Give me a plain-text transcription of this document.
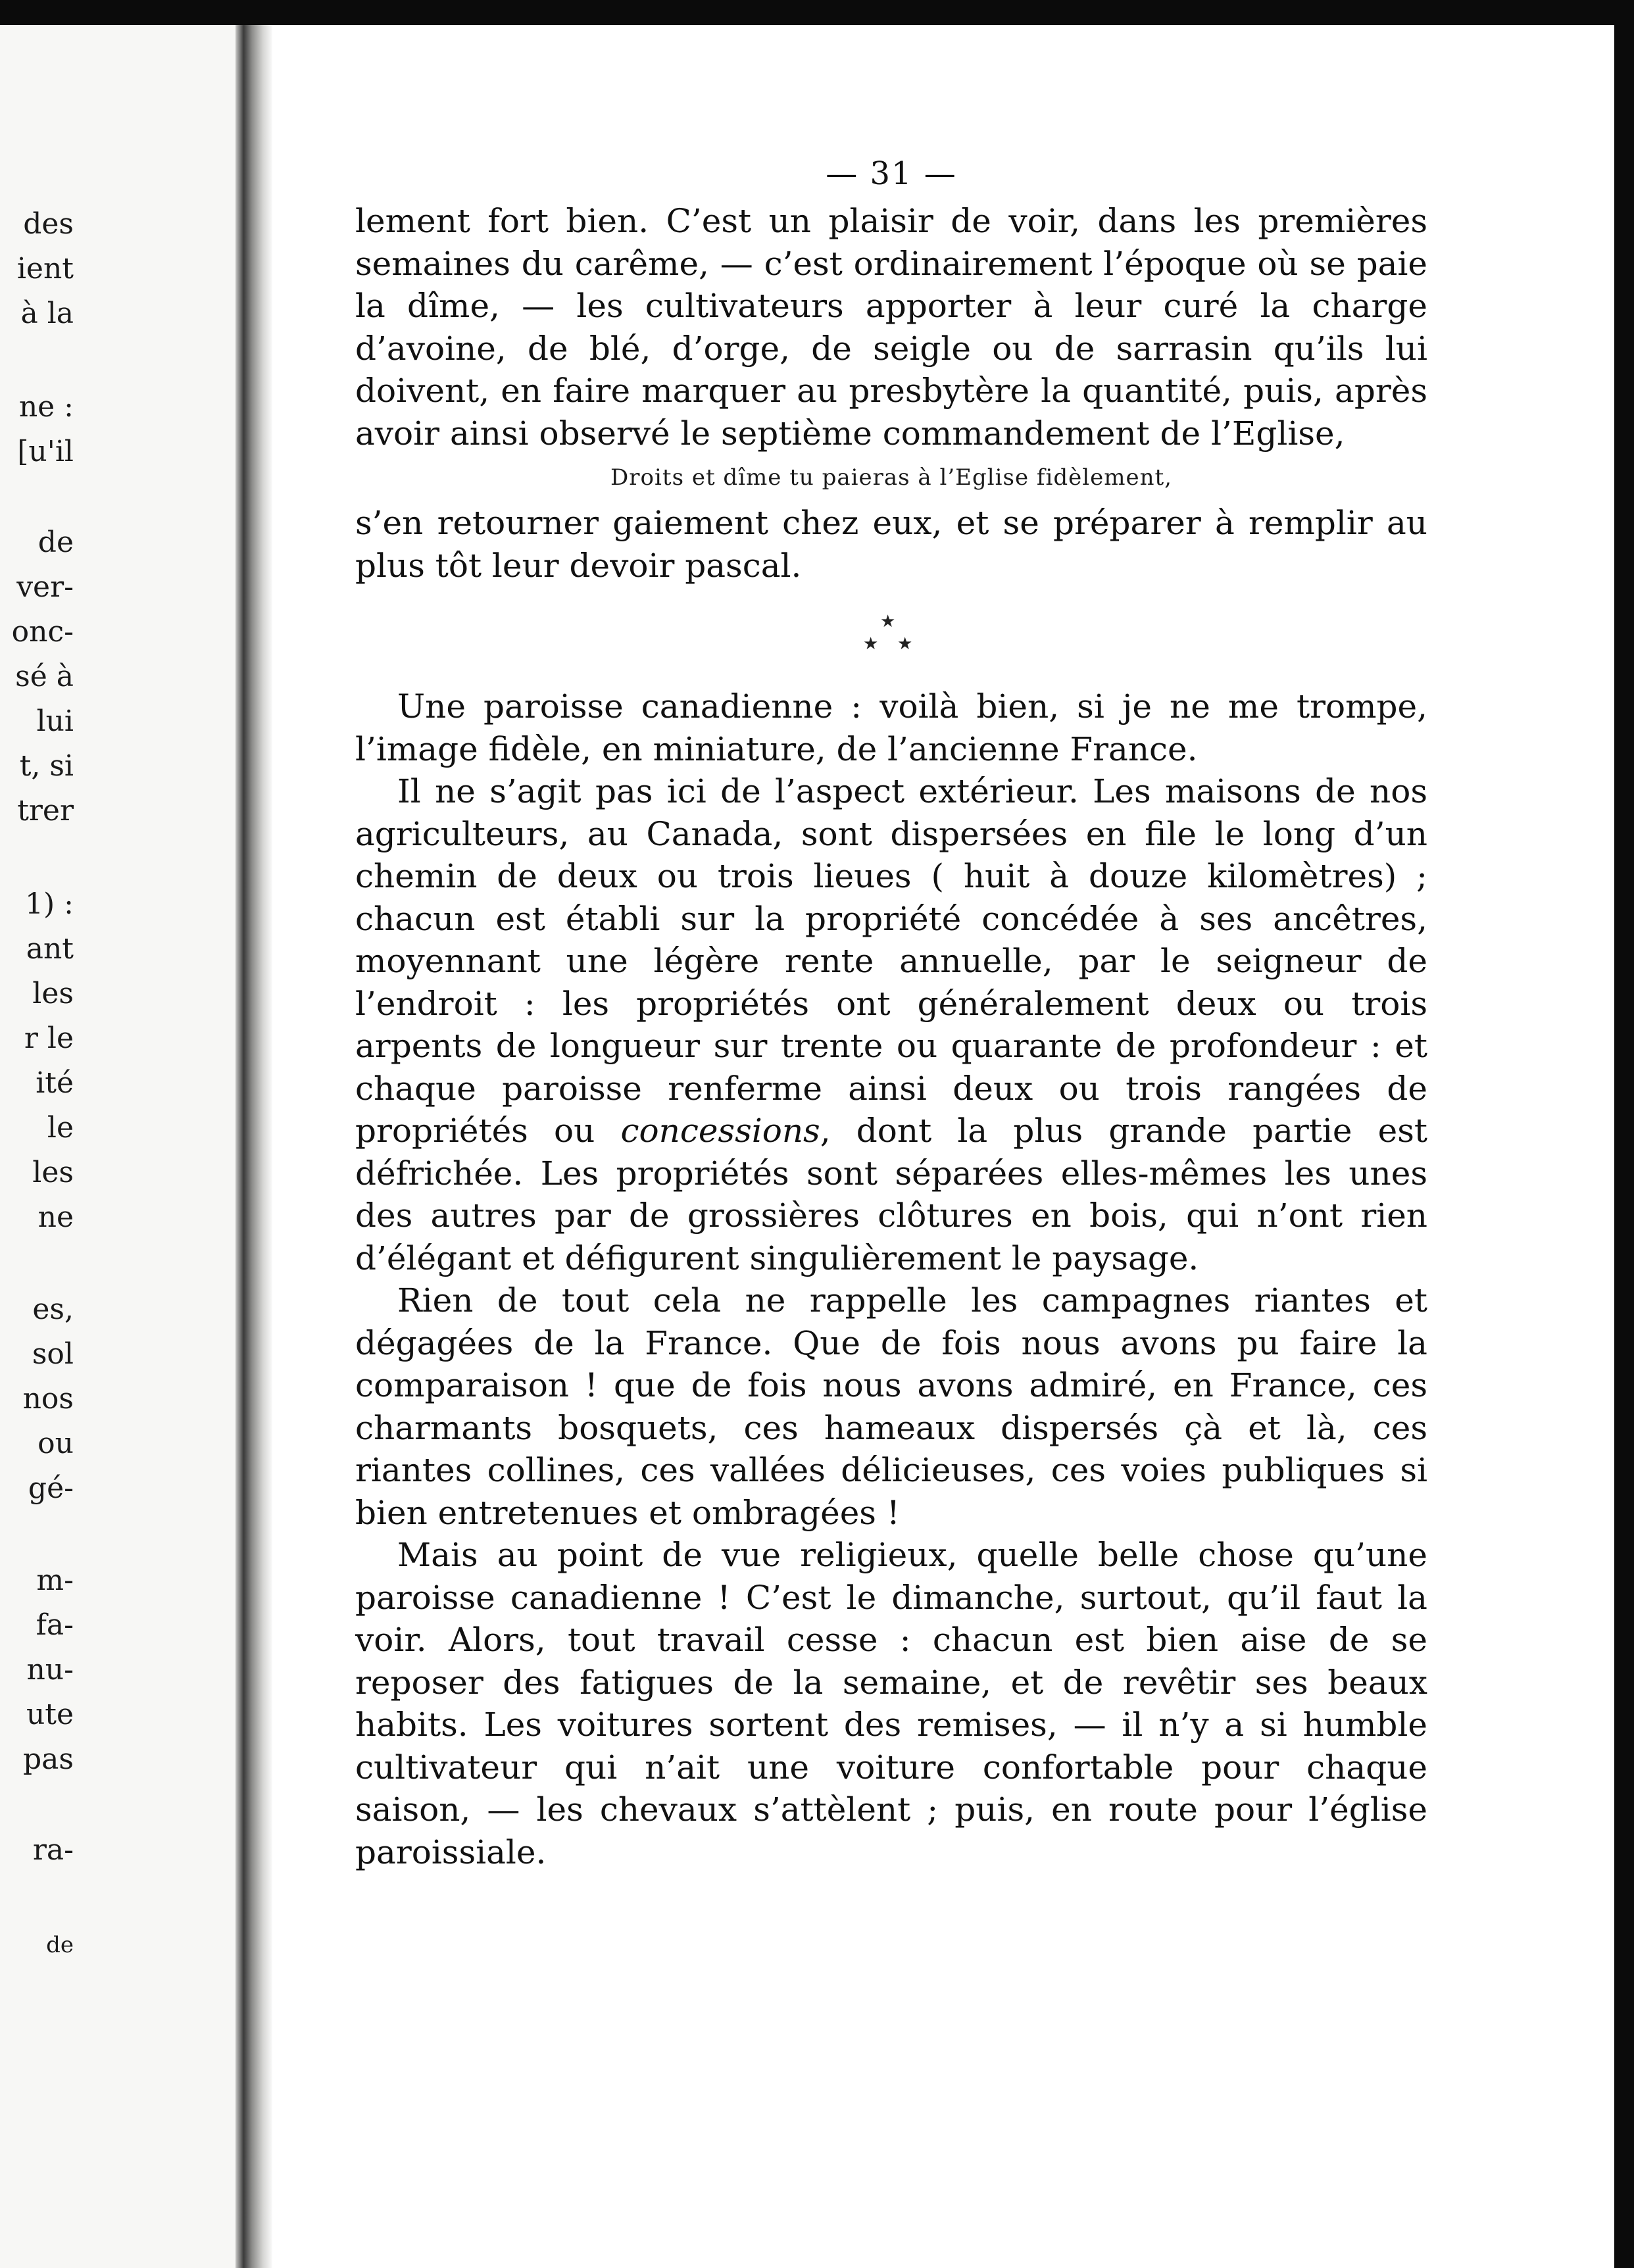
des
ient
à la
ne :
[u'il
de
ver-
onc-
sé à
lui
t, si
trer
1) :
ant
les
r le
ité
le
les
ne
es,
sol
nos
ou
gé-
m-
fa-
nu-
ute
pas
ra-
de
— 31 —

lement fort bien. C’est un plaisir de voir, dans les premières semaines du carême, — c’est ordinairement l’époque où se paie la dîme, — les cultivateurs apporter à leur curé la charge d’avoine, de blé, d’orge, de seigle ou de sarrasin qu’ils lui doivent, en faire marquer au presbytère la quantité, puis, après avoir ainsi observé le septième commandement de l’Eglise,

Droits et dîme tu paieras à l’Eglise fidèlement,

s’en retourner gaiement chez eux, et se préparer à remplir au plus tôt leur devoir pascal.

★
★ ★

Une paroisse canadienne : voilà bien, si je ne me trompe, l’image fidèle, en miniature, de l’ancienne France.

Il ne s’agit pas ici de l’aspect extérieur. Les maisons de nos agriculteurs, au Canada, sont dispersées en file le long d’un chemin de deux ou trois lieues ( huit à douze kilomètres) ; chacun est établi sur la propriété concédée à ses ancêtres, moyennant une légère rente annuelle, par le seigneur de l’endroit : les propriétés ont généralement deux ou trois arpents de longueur sur trente ou quarante de profondeur : et chaque paroisse renferme ainsi deux ou trois rangées de propriétés ou concessions, dont la plus grande partie est défrichée. Les propriétés sont séparées elles-mêmes les unes des autres par de grossières clôtures en bois, qui n’ont rien d’élégant et défigurent singulièrement le paysage.

Rien de tout cela ne rappelle les campagnes riantes et dégagées de la France. Que de fois nous avons pu faire la comparaison ! que de fois nous avons admiré, en France, ces charmants bosquets, ces hameaux dispersés çà et là, ces riantes collines, ces vallées délicieuses, ces voies publiques si bien entretenues et ombragées !

Mais au point de vue religieux, quelle belle chose qu’une paroisse canadienne ! C’est le dimanche, surtout, qu’il faut la voir. Alors, tout travail cesse : chacun est bien aise de se reposer des fatigues de la semaine, et de revêtir ses beaux habits. Les voitures sortent des remises, — il n’y a si humble cultivateur qui n’ait une voiture confortable pour chaque saison, — les chevaux s’attèlent ; puis, en route pour l’église paroissiale.
